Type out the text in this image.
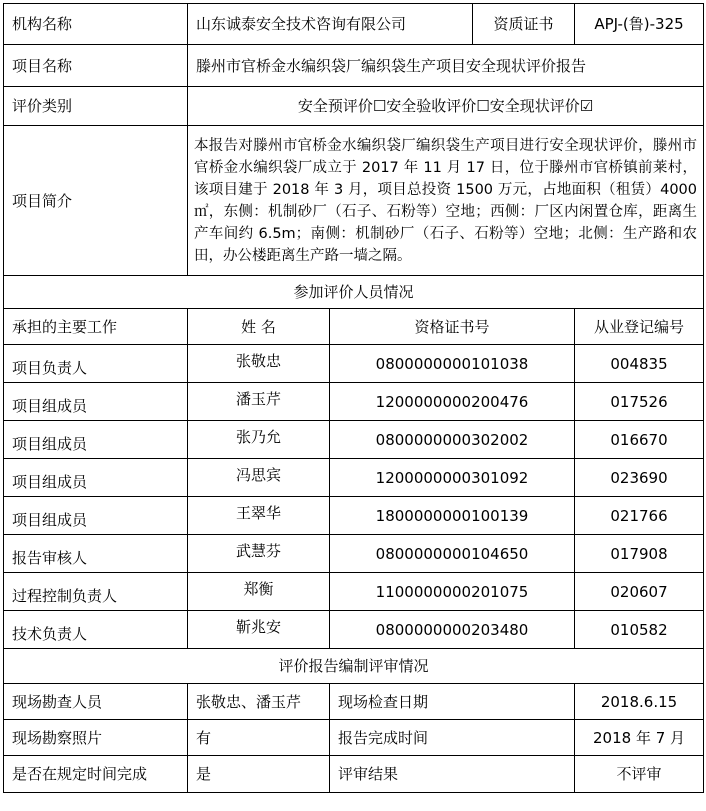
机构名称	山东诚泰安全技术咨询有限公司		资质证书	APJ-(鲁)-325
项目名称	滕州市官桥金水编织袋厂编织袋生产项目安全现状评价报告			
评价类别	安全预评价☐安全验收评价☐安全现状评价☑			
项目简介	本报告对滕州市官桥金水编织袋厂编织袋生产项目进行安全现状评价，滕州市官桥金水编织袋厂成立于 2017 年 11 月 17 日，位于滕州市官桥镇前莱村，该项目建于 2018 年 3 月，项目总投资 1500 万元，占地面积（租赁）4000㎡，东侧：机制砂厂（石子、石粉等）空地；西侧：厂区内闲置仓库，距离生产车间约 6.5m；南侧：机制砂厂（石子、石粉等）空地；北侧：生产路和农田，办公楼距离生产路一墙之隔。			
参加评价人员情况				
承担的主要工作	姓 名	资格证书号		从业登记编号
项目负责人	张敬忠	0800000000101038		004835
项目组成员	潘玉芹	1200000000200476		017526
项目组成员	张乃允	0800000000302002		016670
项目组成员	冯思宾	1200000000301092		023690
项目组成员	王翠华	1800000000100139		021766
报告审核人	武慧芬	0800000000104650		017908
过程控制负责人	郑衡	1100000000201075		020607
技术负责人	靳兆安	0800000000203480		010582
评价报告编制评审情况				
现场勘查人员	张敬忠、潘玉芹	现场检查日期		2018.6.15
现场勘察照片	有	报告完成时间		2018 年 7 月
是否在规定时间完成	是	评审结果		不评审
